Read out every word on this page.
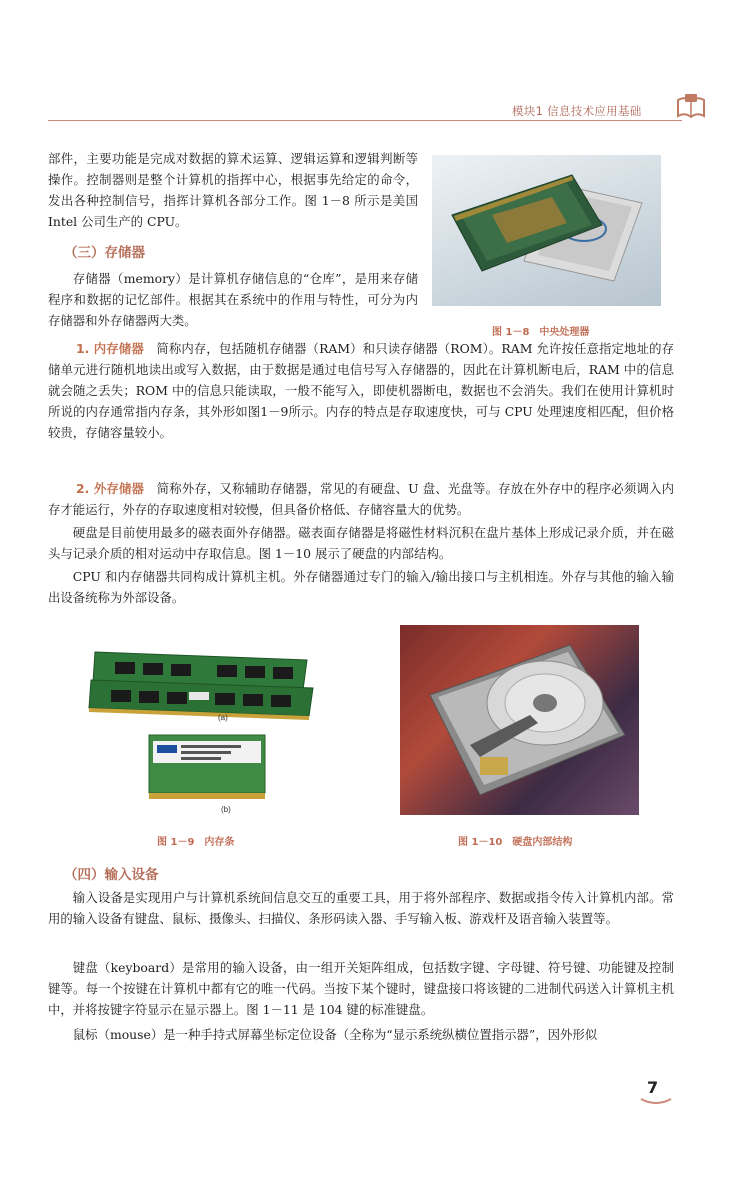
模块1 信息技术应用基础
部件，主要功能是完成对数据的算术运算、逻辑运算和逻辑判断等操作。控制器则是整个计算机的指挥中心，根据事先给定的命令，发出各种控制信号，指挥计算机各部分工作。图 1－8 所示是美国 Intel 公司生产的 CPU。
图 1－8　中央处理器
（三）存储器
存储器（memory）是计算机存储信息的“仓库”，是用来存储程序和数据的记忆部件。根据其在系统中的作用与特性，可分为内存储器和外存储器两大类。
1. 内存储器　简称内存，包括随机存储器（RAM）和只读存储器（ROM）。RAM 允许按任意指定地址的存储单元进行随机地读出或写入数据，由于数据是通过电信号写入存储器的，因此在计算机断电后，RAM 中的信息就会随之丢失；ROM 中的信息只能读取，一般不能写入，即使机器断电，数据也不会消失。我们在使用计算机时所说的内存通常指内存条，其外形如图1－9所示。内存的特点是存取速度快，可与 CPU 处理速度相匹配，但价格较贵，存储容量较小。
2. 外存储器　简称外存，又称辅助存储器，常见的有硬盘、U 盘、光盘等。存放在外存中的程序必须调入内存才能运行，外存的存取速度相对较慢，但具备价格低、存储容量大的优势。
硬盘是目前使用最多的磁表面外存储器。磁表面存储器是将磁性材料沉积在盘片基体上形成记录介质，并在磁头与记录介质的相对运动中存取信息。图 1－10 展示了硬盘的内部结构。
CPU 和内存储器共同构成计算机主机。外存储器通过专门的输入/输出接口与主机相连。外存与其他的输入输出设备统称为外部设备。
(a)
(b)
图 1－9　内存条	图 1－10　硬盘内部结构
（四）输入设备
输入设备是实现用户与计算机系统间信息交互的重要工具，用于将外部程序、数据或指令传入计算机内部。常用的输入设备有键盘、鼠标、摄像头、扫描仪、条形码读入器、手写输入板、游戏杆及语音输入装置等。
键盘（keyboard）是常用的输入设备，由一组开关矩阵组成，包括数字键、字母键、符号键、功能键及控制键等。每一个按键在计算机中都有它的唯一代码。当按下某个键时，键盘接口将该键的二进制代码送入计算机主机中，并将按键字符显示在显示器上。图 1－11 是 104 键的标准键盘。
鼠标（mouse）是一种手持式屏幕坐标定位设备（全称为“显示系统纵横位置指示器”，因外形似
7
